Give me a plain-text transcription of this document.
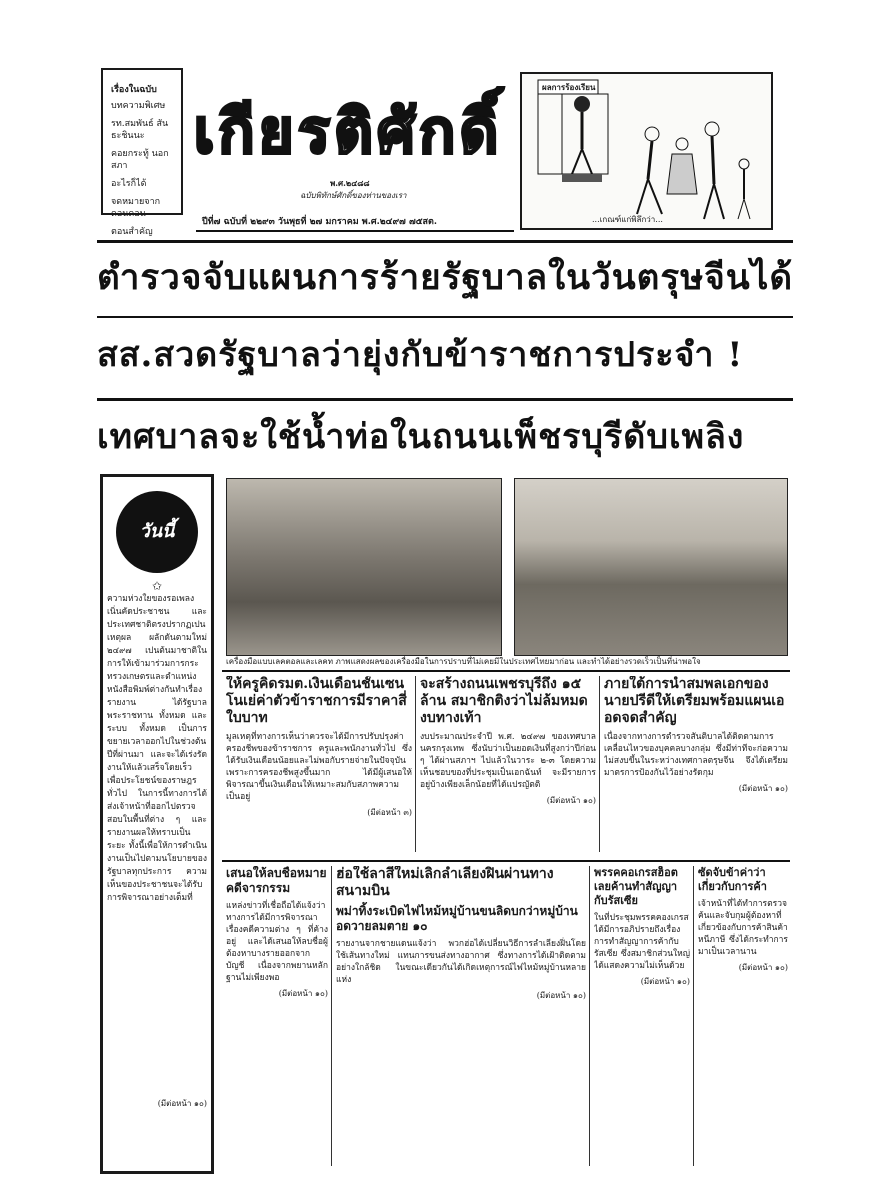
เรื่องในฉบับ
บทความพิเศษ
รท.สมพันธ์ สันธะชินนะ
คอยกระทู้ นอกสภา
อะไรก็ได้
จดหมายจากดอนดอน
ตอนสำคัญ
เกียรติศักดิ์
พ.ศ.๒๔๘๘
ฉบับพิทักษ์ศักดิ์ของท่านของเรา
ปีที่๗ ฉบับที่ ๒๒๙๓ วันพุธที่ ๒๗ มกราคม พ.ศ.๒๔๙๗ ๗๕สต.
ผลการร้องเรียน
...เกณฑ์แก่พิลึกว่า...
ตำรวจจับแผนการร้ายรัฐบาลในวันตรุษจีนได้
สส.สวดรัฐบาลว่ายุ่งกับข้าราชการประจำ !
เทศบาลจะใช้น้ำท่อในถนนเพ็ชรบุรีดับเพลิง
วันนี้
✩

ความห่วงใยของรอเพลงเนิ่นคัดประชาชน และประเทศชาติตรงปรากฏเปนเหตุผล ผลักดันตามใหม่ ๒๔๙๗ เปนต้นมาชาติในการให้เข้ามาร่วมการกระทรวงเกษตรและตำแหน่งหนังสือพิมพ์ต่างกันทำเรื่องรายงาน ได้รัฐบาลพระราชทาน ทั้งหมด และระบบ ทั้งหมด เป็นการขยายเวลาออกไปในช่วงต้นปีที่ผ่านมา และจะได้เร่งรัดงานให้แล้วเสร็จโดยเร็ว เพื่อประโยชน์ของราษฎรทั่วไป ในการนี้ทางการได้ส่งเจ้าหน้าที่ออกไปตรวจสอบในพื้นที่ต่าง ๆ และรายงานผลให้ทราบเป็นระยะ ทั้งนี้เพื่อให้การดำเนินงานเป็นไปตามนโยบายของรัฐบาลทุกประการ ความเห็นของประชาชนจะได้รับการพิจารณาอย่างเต็มที่

(มีต่อหน้า ๑๐)
เครื่องมือแบบเลคตอลและเลคท ภาพแสดงผลของเครื่องมือในการปราบที่ไม่เคยมีในประเทศไทยมาก่อน และทำได้อย่างรวดเร็วเป็นที่น่าพอใจ
ให้ครูคิดรมต.เงินเดือนชั้นเซนโนเย่ค่าตัวข้าราชการมีราคาสี่ใบบาท

มูลเหตุที่ทางการเห็นว่าควรจะได้มีการปรับปรุงค่าครองชีพของข้าราชการ ครูและพนักงานทั่วไป ซึ่งได้รับเงินเดือนน้อยและไม่พอกับรายจ่ายในปัจจุบัน เพราะการครองชีพสูงขึ้นมาก ได้มีผู้เสนอให้พิจารณาขึ้นเงินเดือนให้เหมาะสมกับสภาพความเป็นอยู่

(มีต่อหน้า ๓)
จะสร้างถนนเพชรบุรีถึง ๑๕ ล้าน สมาชิกติงว่าไม่ล้มหมดงบทางเท้า

งบประมาณประจำปี พ.ศ. ๒๔๙๗ ของเทศบาลนครกรุงเทพ ซึ่งนับว่าเป็นยอดเงินที่สูงกว่าปีก่อน ๆ ได้ผ่านสภาฯ ไปแล้วในวาระ ๒-๓ โดยความเห็นชอบของที่ประชุมเป็นเอกฉันท์ จะมีรายการอยู่บ้างเพียงเล็กน้อยที่ได้แปรญัตติ

(มีต่อหน้า ๑๐)
ภายใต้การนำสมพลเอกของนายปรีดีให้เตรียมพร้อมแผนเอ อดจดสำคัญ

เนื่องจากทางการตำรวจสันติบาลได้ติดตามการเคลื่อนไหวของบุคคลบางกลุ่ม ซึ่งมีท่าทีจะก่อความไม่สงบขึ้นในระหว่างเทศกาลตรุษจีน จึงได้เตรียมมาตรการป้องกันไว้อย่างรัดกุม

(มีต่อหน้า ๑๐)
เสนอให้ลบชื่อหมายคดีจารกรรม

แหล่งข่าวที่เชื่อถือได้แจ้งว่า ทางการได้มีการพิจารณาเรื่องคดีความต่าง ๆ ที่ค้างอยู่ และได้เสนอให้ลบชื่อผู้ต้องหาบางรายออกจากบัญชี เนื่องจากพยานหลักฐานไม่เพียงพอ

(มีต่อหน้า ๑๐)
ฮ่อใช้ลาสีใหม่เลิกลำเลียงฝิ่นผ่านทางสนามบิน
พม่าทิ้งระเบิดไฟไหม้หมู่บ้านขนลิดบกว่าหมู่บ้านอดวายลมตาย ๑๐

รายงานจากชายแดนแจ้งว่า พวกฮ่อได้เปลี่ยนวิธีการลำเลียงฝิ่นโดยใช้เส้นทางใหม่ แทนการขนส่งทางอากาศ ซึ่งทางการได้เฝ้าติดตามอย่างใกล้ชิด ในขณะเดียวกันได้เกิดเหตุการณ์ไฟไหม้หมู่บ้านหลายแห่ง

(มีต่อหน้า ๑๐)
พรรคคอเกรสฮ็อตเลยค้านทำสัญญากับรัสเซีย

ในที่ประชุมพรรคคองเกรสได้มีการอภิปรายถึงเรื่องการทำสัญญาการค้ากับรัสเซีย ซึ่งสมาชิกส่วนใหญ่ได้แสดงความไม่เห็นด้วย

(มีต่อหน้า ๑๐)
ซัดจับข้าค่าว่าเกี่ยวกับการค้า

เจ้าหน้าที่ได้ทำการตรวจค้นและจับกุมผู้ต้องหาที่เกี่ยวข้องกับการค้าสินค้าหนีภาษี ซึ่งได้กระทำการมาเป็นเวลานาน

(มีต่อหน้า ๑๐)
